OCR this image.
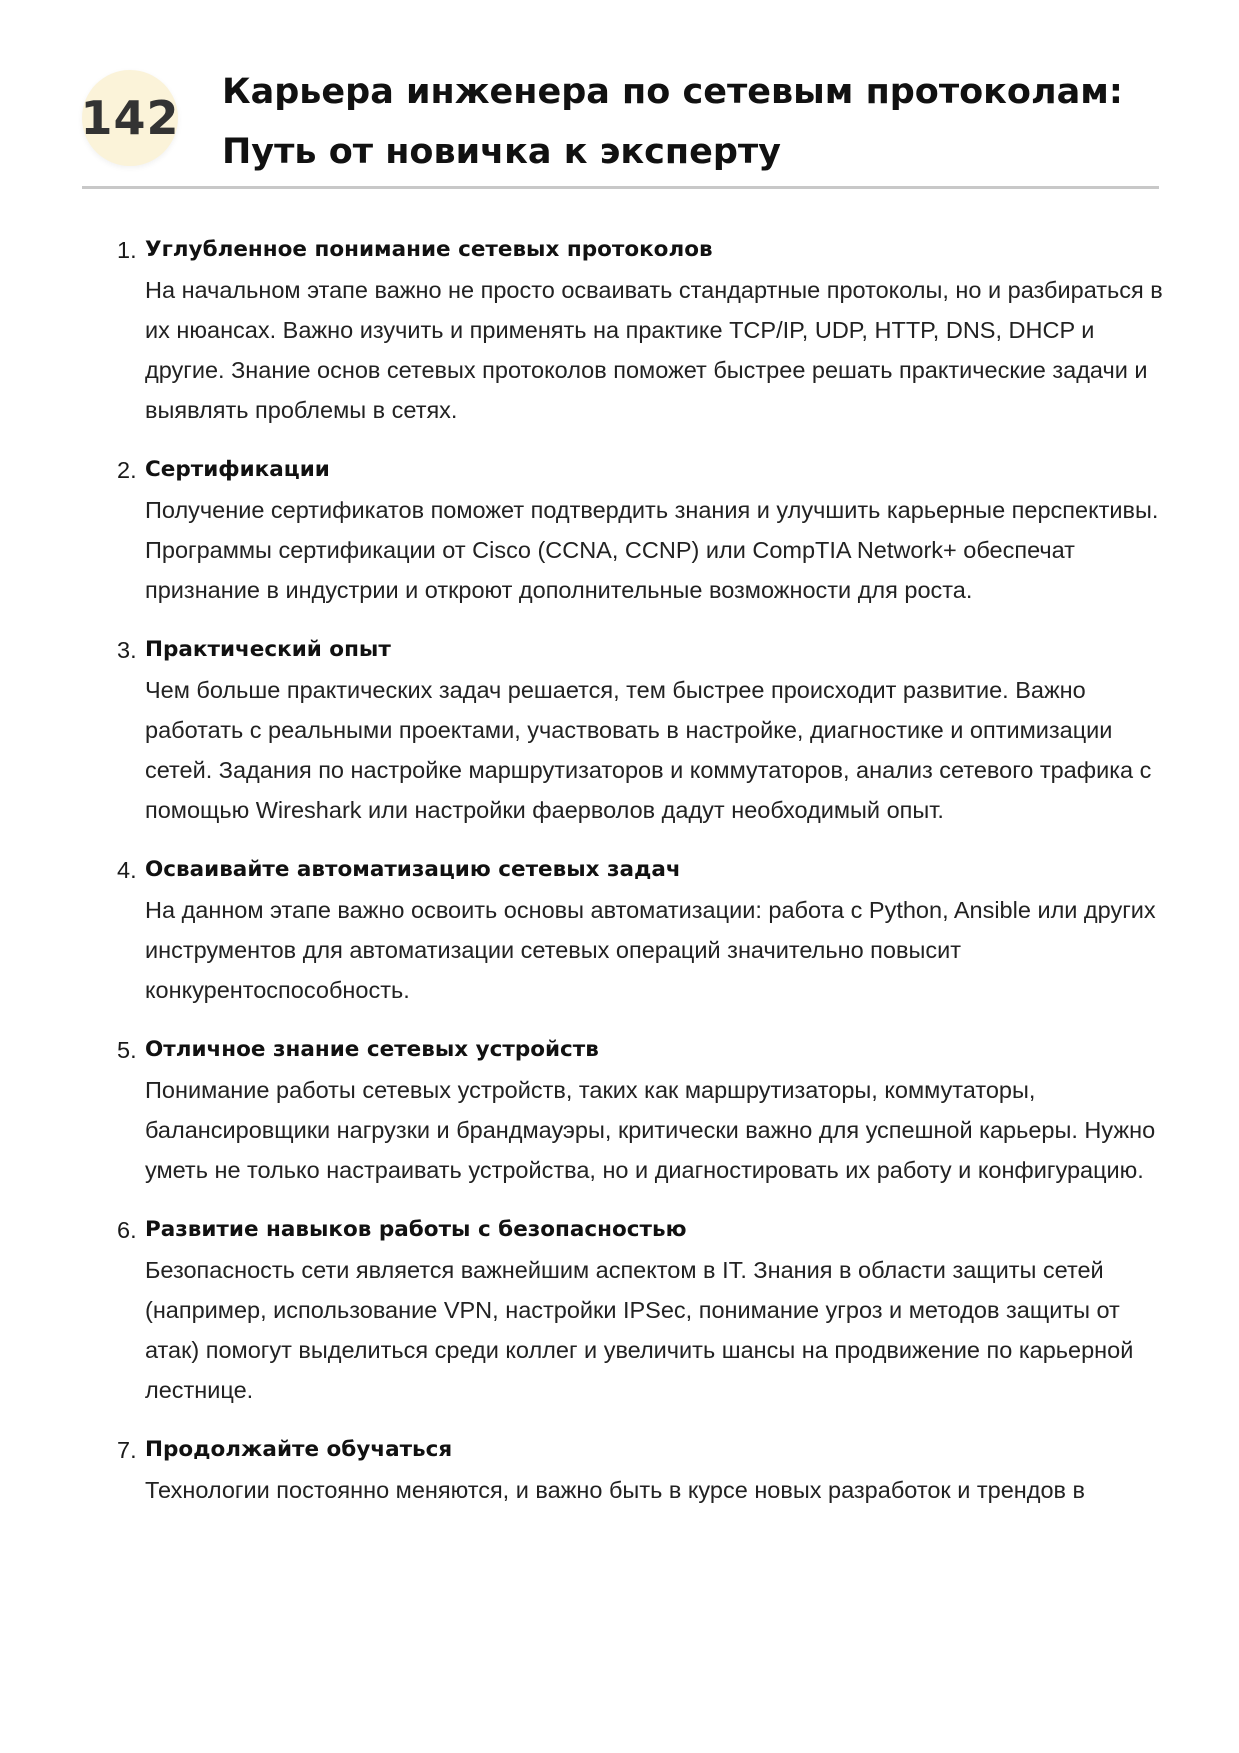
142 Карьера инженера по сетевым протоколам: Путь от новичка к эксперту
1. Углубленное понимание сетевых протоколов
На начальном этапе важно не просто осваивать стандартные протоколы, но и разбираться в их нюансах. Важно изучить и применять на практике TCP/IP, UDP, HTTP, DNS, DHCP и другие. Знание основ сетевых протоколов поможет быстрее решать практические задачи и выявлять проблемы в сетях.
2. Сертификации
Получение сертификатов поможет подтвердить знания и улучшить карьерные перспективы. Программы сертификации от Cisco (CCNA, CCNP) или CompTIA Network+ обеспечат признание в индустрии и откроют дополнительные возможности для роста.
3. Практический опыт
Чем больше практических задач решается, тем быстрее происходит развитие. Важно работать с реальными проектами, участвовать в настройке, диагностике и оптимизации сетей. Задания по настройке маршрутизаторов и коммутаторов, анализ сетевого трафика с помощью Wireshark или настройки фаерволов дадут необходимый опыт.
4. Осваивайте автоматизацию сетевых задач
На данном этапе важно освоить основы автоматизации: работа с Python, Ansible или других инструментов для автоматизации сетевых операций значительно повысит конкурентоспособность.
5. Отличное знание сетевых устройств
Понимание работы сетевых устройств, таких как маршрутизаторы, коммутаторы, балансировщики нагрузки и брандмауэры, критически важно для успешной карьеры. Нужно уметь не только настраивать устройства, но и диагностировать их работу и конфигурацию.
6. Развитие навыков работы с безопасностью
Безопасность сети является важнейшим аспектом в IT. Знания в области защиты сетей (например, использование VPN, настройки IPSec, понимание угроз и методов защиты от атак) помогут выделиться среди коллег и увеличить шансы на продвижение по карьерной лестнице.
7. Продолжайте обучаться
Технологии постоянно меняются, и важно быть в курсе новых разработок и трендов в
